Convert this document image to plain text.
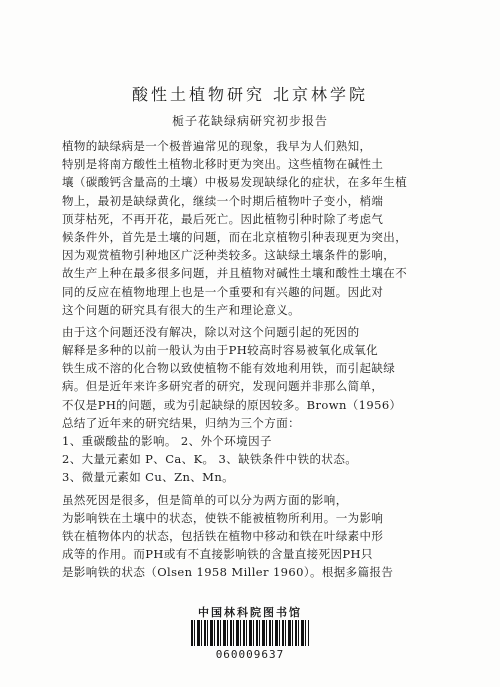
酸性土植物研究 北京林学院
栀子花缺绿病研究初步报告
植物的缺绿病是一个极普遍常见的现象，我早为人们熟知，
特别是将南方酸性土植物北移时更为突出。这些植物在碱性土
壤（碳酸钙含量高的土壤）中极易发现缺绿化的症状，在多年生植
物上，最初是缺绿黄化，继续一个时期后植物叶子变小，梢端
顶芽枯死，不再开花，最后死亡。因此植物引种时除了考虑气
候条件外，首先是土壤的问题，而在北京植物引种表现更为突出，
因为观赏植物引种地区广泛种类较多。这缺绿土壤条件的影响，
故生产上种在最多很多问题，并且植物对碱性土壤和酸性土壤在不
同的反应在植物地理上也是一个重要和有兴趣的问题。因此对
这个问题的研究具有很大的生产和理论意义。
由于这个问题还没有解决，除以对这个问题引起的死因的
解释是多种的以前一般认为由于PH较高时容易被氧化成氧化
铁生成不溶的化合物以致使植物不能有效地利用铁，而引起缺绿
病。但是近年来许多研究者的研究，发现问题并非那么简单，
不仅是PH的问题，或为引起缺绿的原因较多。Brown（1956）
总结了近年来的研究结果，归纳为三个方面：
1、重碳酸盐的影响。 2、外个环境因子
2、大量元素如 P、Ca、K。 3、缺铁条件中铁的状态。
3、微量元素如 Cu、Zn、Mn。
虽然死因是很多，但是简单的可以分为两方面的影响，
为影响铁在土壤中的状态，使铁不能被植物所利用。一为影响
铁在植物体内的状态，包括铁在植物中移动和铁在叶绿素中形
成等的作用。而PH或有不直接影响铁的含量直接死因PH只
是影响铁的状态（Olsen 1958 Miller 1960）。根据多篇报告
中国林科院图书馆
060009637
